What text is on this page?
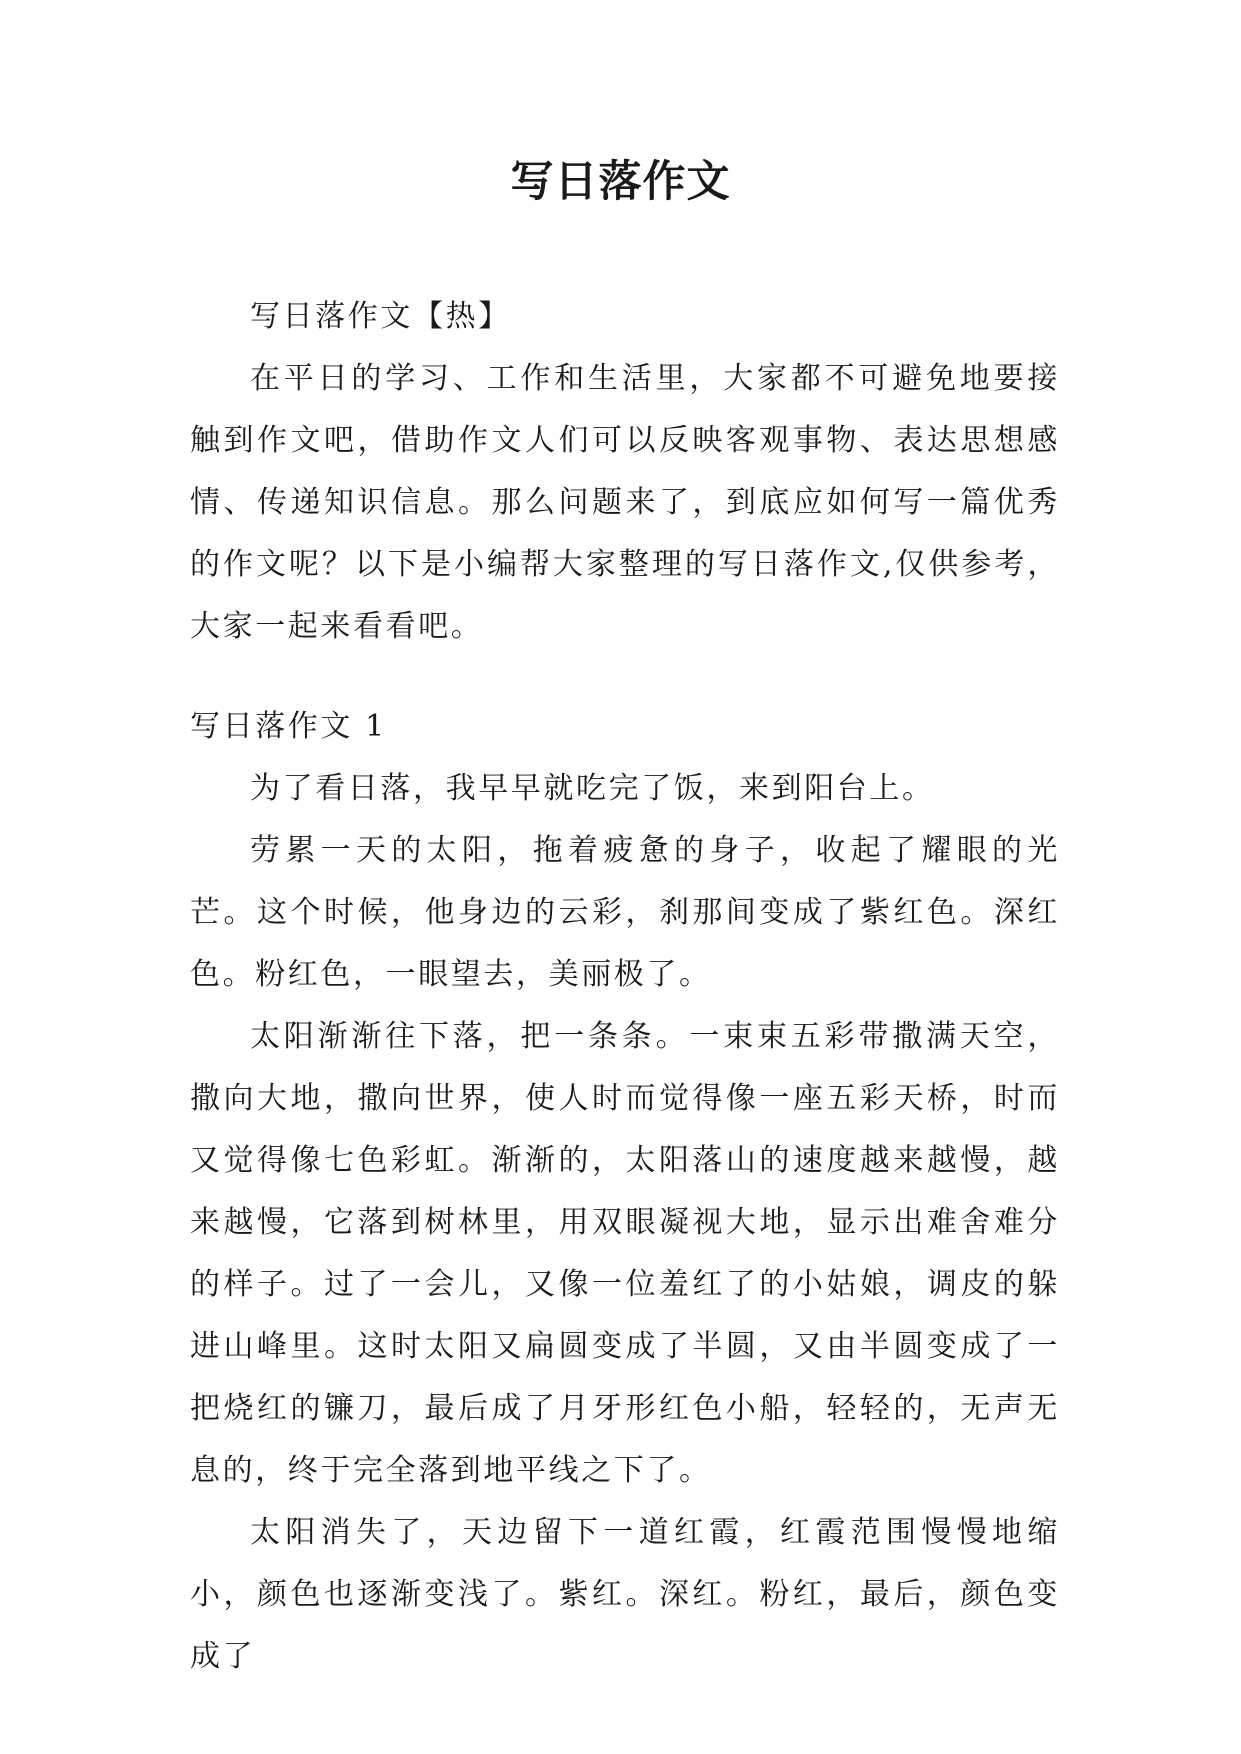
写日落作文

写日落作文【热】

在平日的学习、工作和生活里，大家都不可避免地要接触到作文吧，借助作文人们可以反映客观事物、表达思想感情、传递知识信息。那么问题来了，到底应如何写一篇优秀的作文呢？以下是小编帮大家整理的写日落作文,仅供参考，大家一起来看看吧。

写日落作文 1

为了看日落，我早早就吃完了饭，来到阳台上。

劳累一天的太阳，拖着疲惫的身子，收起了耀眼的光芒。这个时候，他身边的云彩，刹那间变成了紫红色。深红色。粉红色，一眼望去，美丽极了。

太阳渐渐往下落，把一条条。一束束五彩带撒满天空，撒向大地，撒向世界，使人时而觉得像一座五彩天桥，时而又觉得像七色彩虹。渐渐的，太阳落山的速度越来越慢，越来越慢，它落到树林里，用双眼凝视大地，显示出难舍难分的样子。过了一会儿，又像一位羞红了的小姑娘，调皮的躲进山峰里。这时太阳又扁圆变成了半圆，又由半圆变成了一把烧红的镰刀，最后成了月牙形红色小船，轻轻的，无声无息的，终于完全落到地平线之下了。

太阳消失了，天边留下一道红霞，红霞范围慢慢地缩小，颜色也逐渐变浅了。紫红。深红。粉红，最后，颜色变成了
